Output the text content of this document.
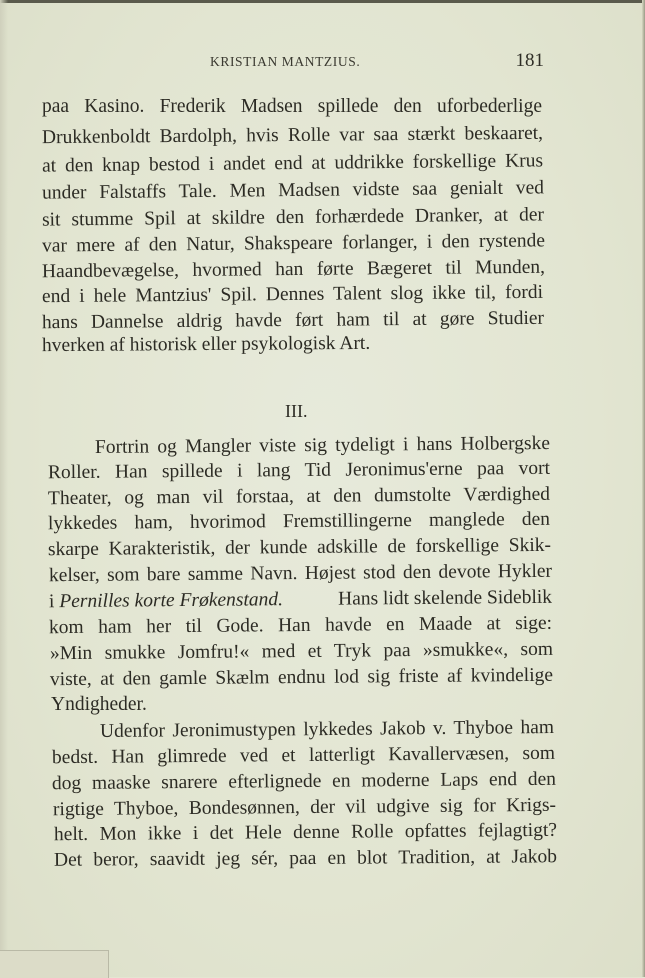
KRISTIAN MANTZIUS.	181
paa Kasino. Frederik Madsen spillede den uforbederlige
Drukkenboldt Bardolph, hvis Rolle var saa stærkt beskaaret,
at den knap bestod i andet end at uddrikke forskellige Krus
under Falstaffs Tale. Men Madsen vidste saa genialt ved
sit stumme Spil at skildre den forhærdede Dranker, at der
var mere af den Natur, Shakspeare forlanger, i den rystende
Haandbevægelse, hvormed han førte Bægeret til Munden,
end i hele Mantzius' Spil. Dennes Talent slog ikke til, fordi
hans Dannelse aldrig havde ført ham til at gøre Studier
hverken af historisk eller psykologisk Art.
III.
Fortrin og Mangler viste sig tydeligt i hans Holbergske
Roller. Han spillede i lang Tid Jeronimus'erne paa vort
Theater, og man vil forstaa, at den dumstolte Værdighed
lykkedes ham, hvorimod Fremstillingerne manglede den
skarpe Karakteristik, der kunde adskille de forskellige Skik-
kelser, som bare samme Navn. Højest stod den devote Hykler
i Pernilles korte Frøkenstand. Hans lidt skelende Sideblik
kom ham her til Gode. Han havde en Maade at sige:
»Min smukke Jomfru!« med et Tryk paa »smukke«, som
viste, at den gamle Skælm endnu lod sig friste af kvindelige
Yndigheder.
Udenfor Jeronimustypen lykkedes Jakob v. Thyboe ham
bedst. Han glimrede ved et latterligt Kavallervæsen, som
dog maaske snarere efterlignede en moderne Laps end den
rigtige Thyboe, Bondesønnen, der vil udgive sig for Krigs-
helt. Mon ikke i det Hele denne Rolle opfattes fejlagtigt?
Det beror, saavidt jeg sér, paa en blot Tradition, at Jakob
